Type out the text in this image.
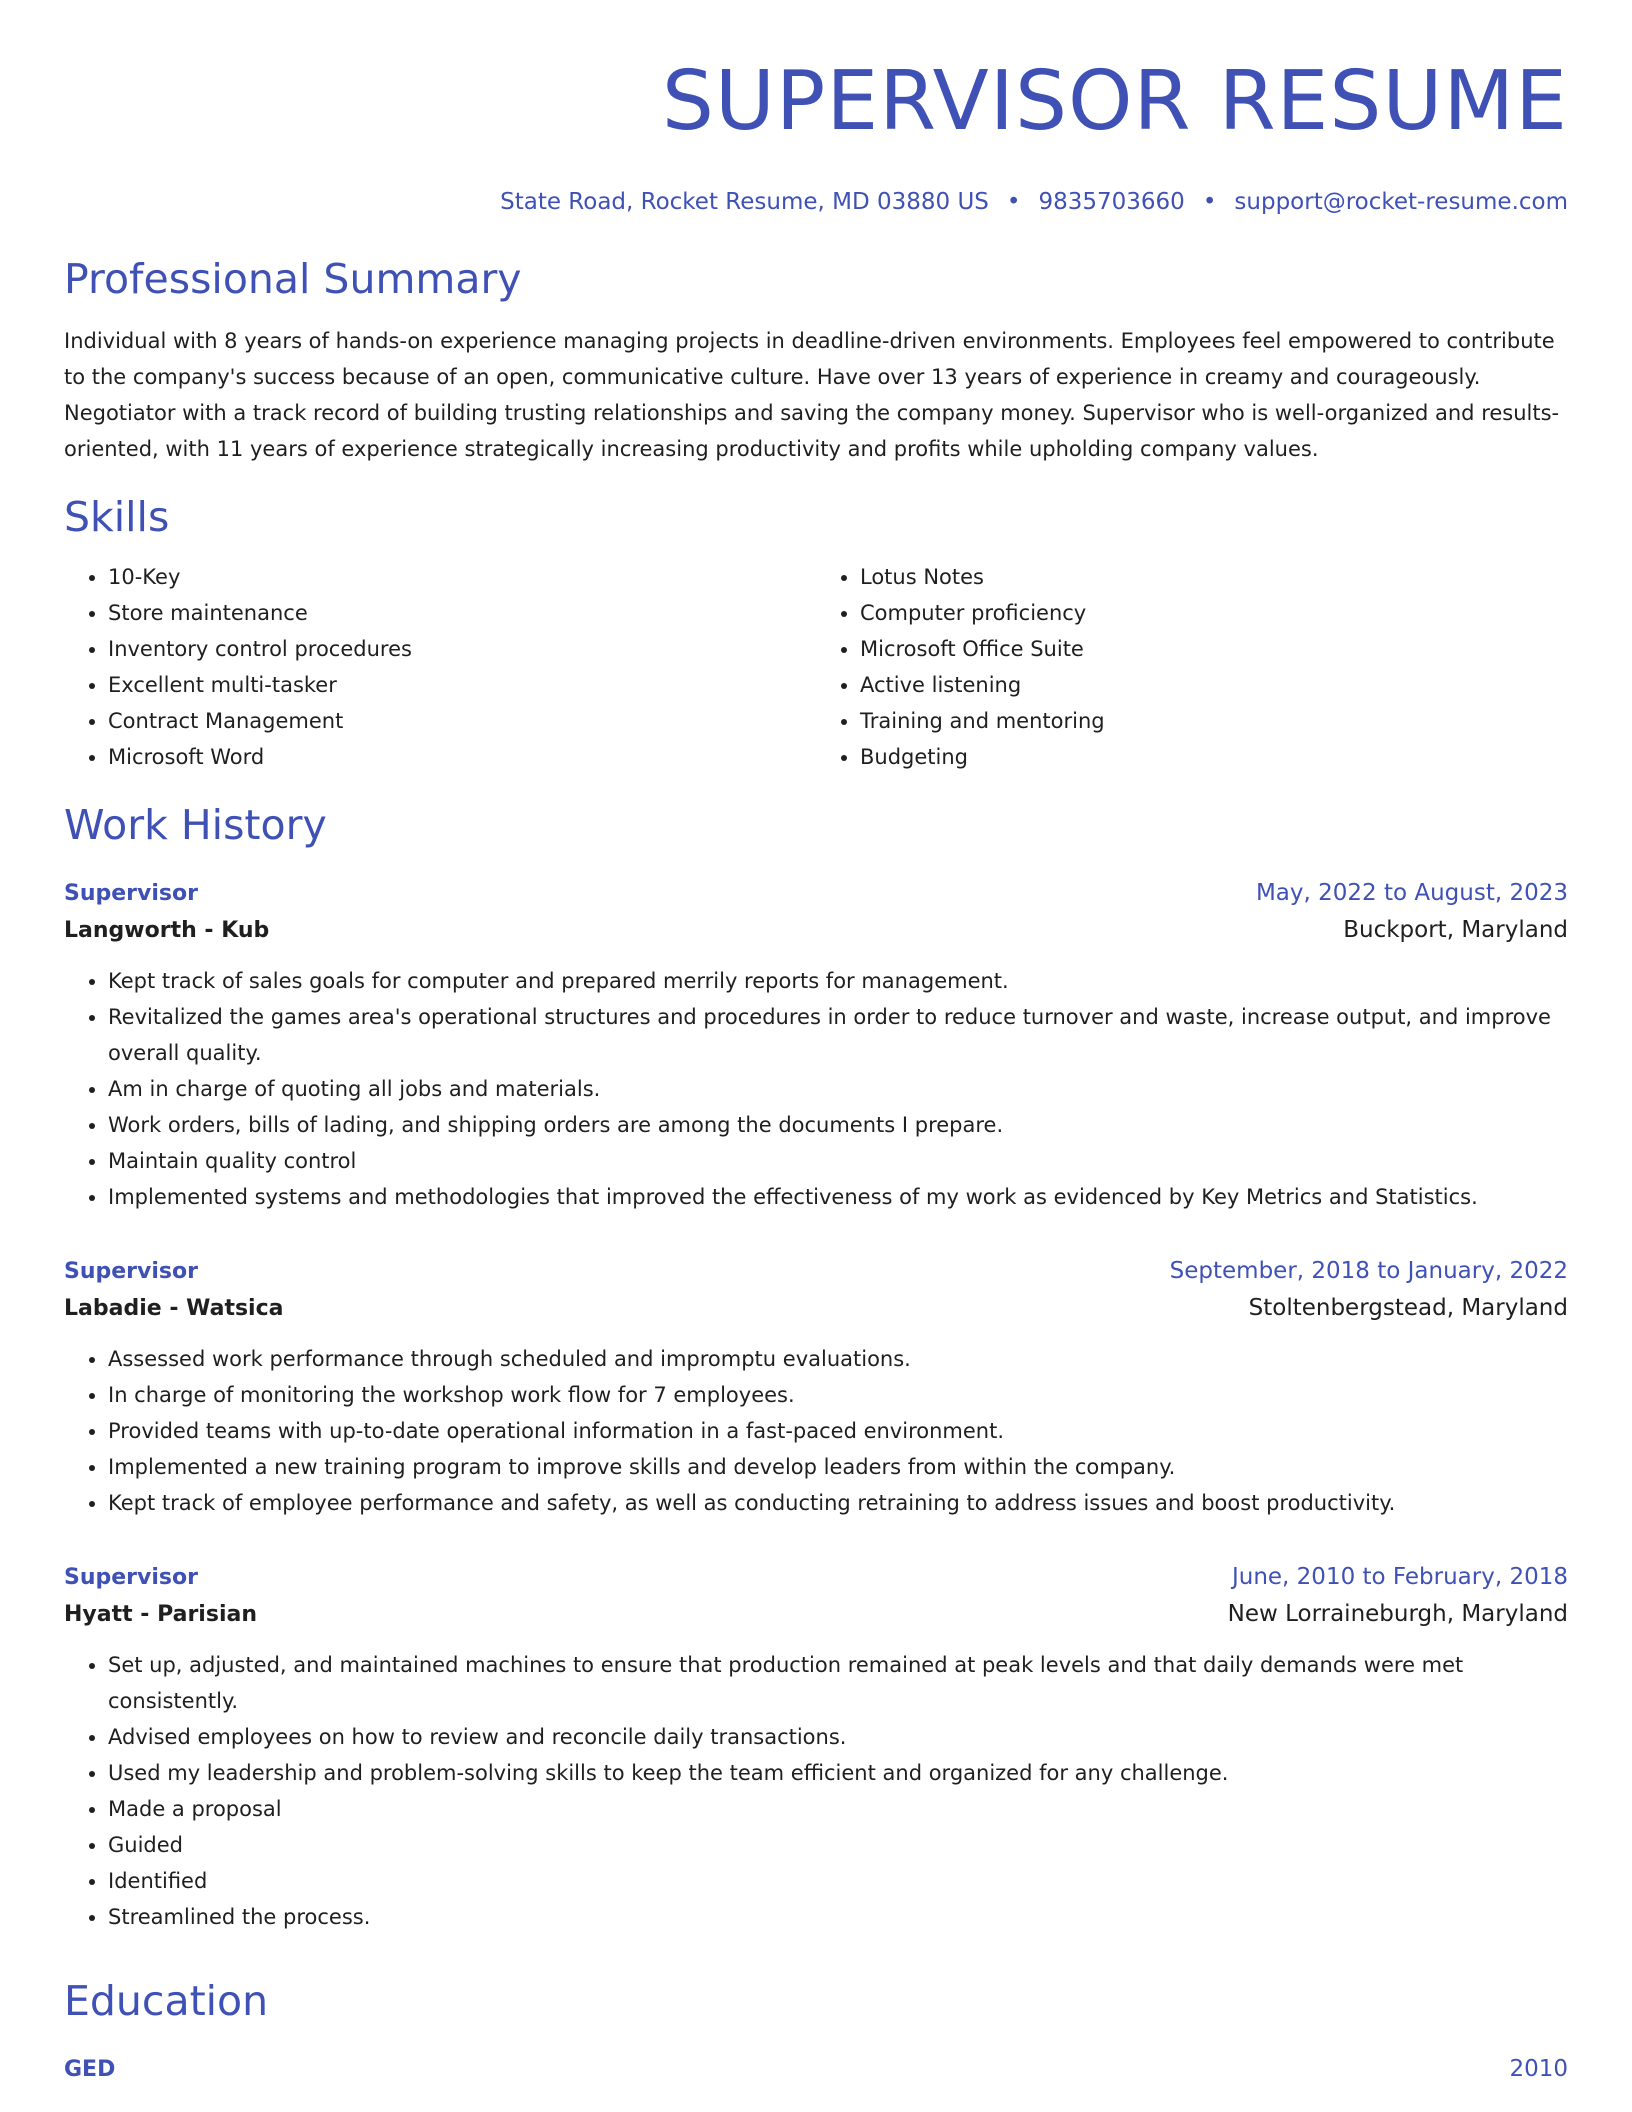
SUPERVISOR RESUME
State Road, Rocket Resume, MD 03880 US • 9835703660 • support@rocket-resume.com
Professional Summary
Individual with 8 years of hands-on experience managing projects in deadline-driven environments. Employees feel empowered to contribute to the company's success because of an open, communicative culture. Have over 13 years of experience in creamy and courageously. Negotiator with a track record of building trusting relationships and saving the company money. Supervisor who is well-organized and results-oriented, with 11 years of experience strategically increasing productivity and profits while upholding company values.
Skills
• 10-Key
• Store maintenance
• Inventory control procedures
• Excellent multi-tasker
• Contract Management
• Microsoft Word
• Lotus Notes
• Computer proficiency
• Microsoft Office Suite
• Active listening
• Training and mentoring
• Budgeting
Work History
Supervisor	May, 2022 to August, 2023
Langworth - Kub	Buckport, Maryland
• Kept track of sales goals for computer and prepared merrily reports for management.
• Revitalized the games area's operational structures and procedures in order to reduce turnover and waste, increase output, and improve overall quality.
• Am in charge of quoting all jobs and materials.
• Work orders, bills of lading, and shipping orders are among the documents I prepare.
• Maintain quality control
• Implemented systems and methodologies that improved the effectiveness of my work as evidenced by Key Metrics and Statistics.
Supervisor	September, 2018 to January, 2022
Labadie - Watsica	Stoltenbergstead, Maryland
• Assessed work performance through scheduled and impromptu evaluations.
• In charge of monitoring the workshop work flow for 7 employees.
• Provided teams with up-to-date operational information in a fast-paced environment.
• Implemented a new training program to improve skills and develop leaders from within the company.
• Kept track of employee performance and safety, as well as conducting retraining to address issues and boost productivity.
Supervisor	June, 2010 to February, 2018
Hyatt - Parisian	New Lorraineburgh, Maryland
• Set up, adjusted, and maintained machines to ensure that production remained at peak levels and that daily demands were met consistently.
• Advised employees on how to review and reconcile daily transactions.
• Used my leadership and problem-solving skills to keep the team efficient and organized for any challenge.
• Made a proposal
• Guided
• Identified
• Streamlined the process.
Education
GED	2010
